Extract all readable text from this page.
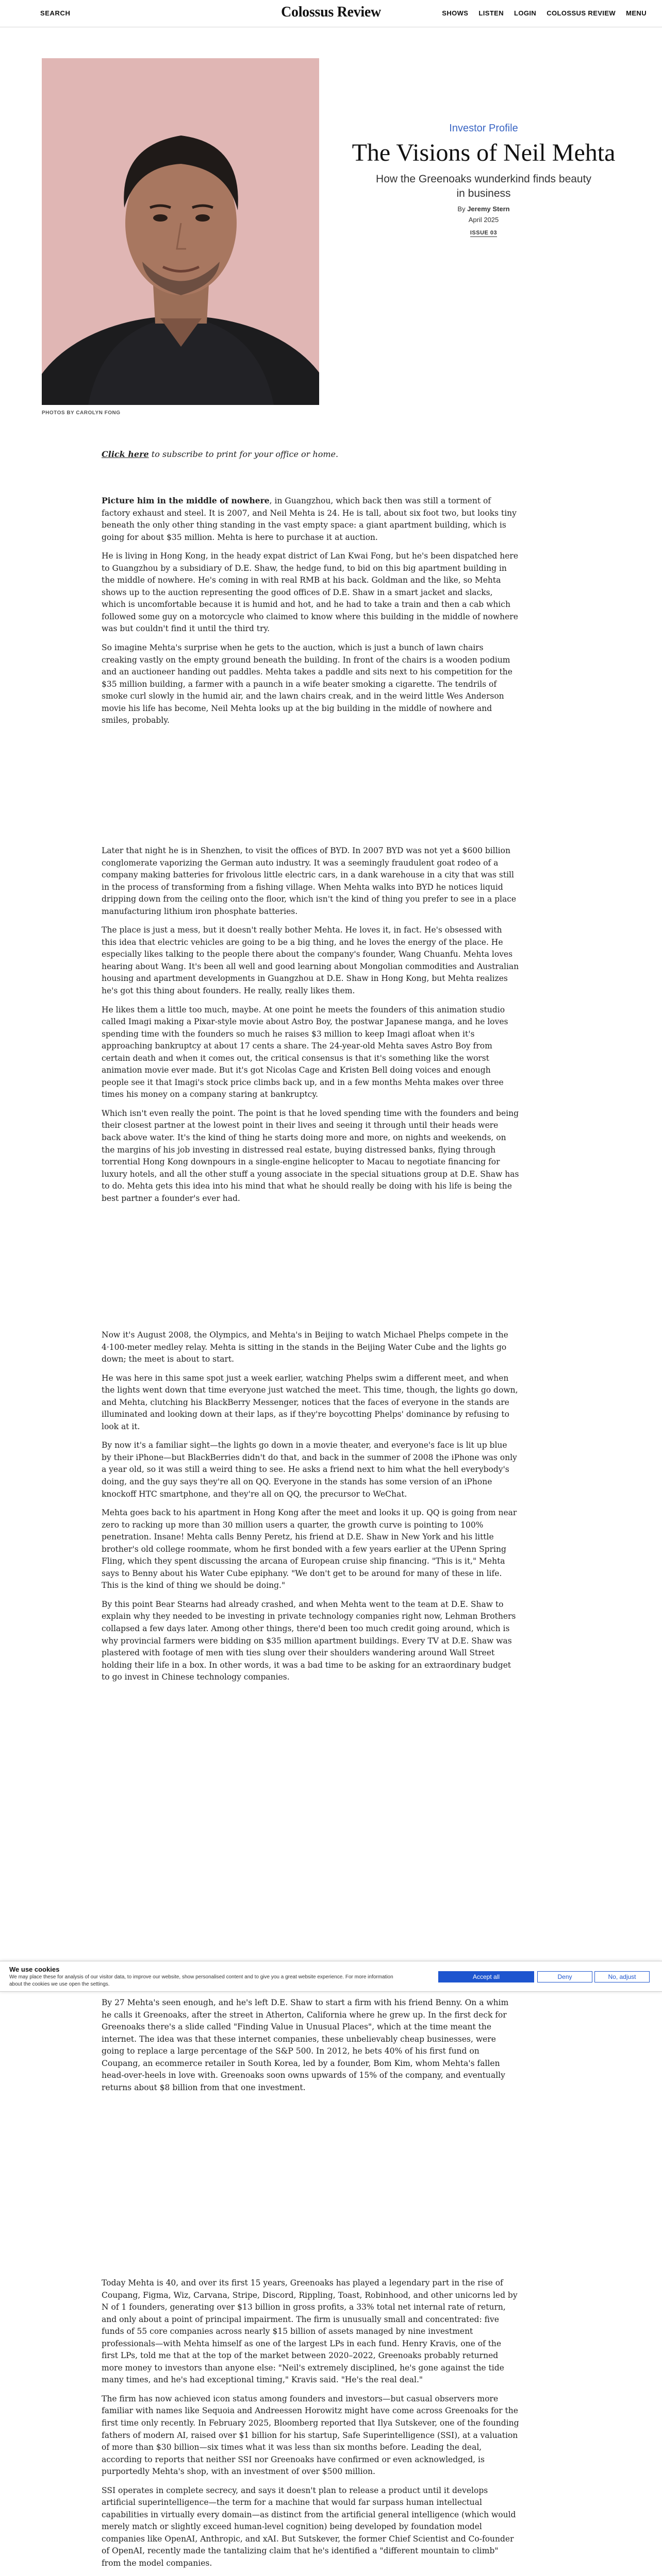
SEARCH	Colossus Review	SHOWS LISTEN LOGIN COLOSSUS REVIEW MENU
PHOTOS BY CAROLYN FONG
Investor Profile
The Visions of Neil Mehta
How the Greenoaks wunderkind finds beauty in business
By Jeremy Stern
April 2025
ISSUE 03
Click here to subscribe to print for your office or home.

Picture him in the middle of nowhere, in Guangzhou, which back then was still a torment of factory exhaust and steel. It is 2007, and Neil Mehta is 24. He is tall, about six foot two, but looks tiny beneath the only other thing standing in the vast empty space: a giant apartment building, which is going for about $35 million. Mehta is here to purchase it at auction.

He is living in Hong Kong, in the heady expat district of Lan Kwai Fong, but he's been dispatched here to Guangzhou by a subsidiary of D.E. Shaw, the hedge fund, to bid on this big apartment building in the middle of nowhere. He's coming in with real RMB at his back. Goldman and the like, so Mehta shows up to the auction representing the good offices of D.E. Shaw in a smart jacket and slacks, which is uncomfortable because it is humid and hot, and he had to take a train and then a cab which followed some guy on a motorcycle who claimed to know where this building in the middle of nowhere was but couldn't find it until the third try.

So imagine Mehta's surprise when he gets to the auction, which is just a bunch of lawn chairs creaking vastly on the empty ground beneath the building. In front of the chairs is a wooden podium and an auctioneer handing out paddles. Mehta takes a paddle and sits next to his competition for the $35 million building, a farmer with a paunch in a wife beater smoking a cigarette. The tendrils of smoke curl slowly in the humid air, and the lawn chairs creak, and in the weird little Wes Anderson movie his life has become, Neil Mehta looks up at the big building in the middle of nowhere and smiles, probably.

Later that night he is in Shenzhen, to visit the offices of BYD. In 2007 BYD was not yet a $600 billion conglomerate vaporizing the German auto industry. It was a seemingly fraudulent goat rodeo of a company making batteries for frivolous little electric cars, in a dank warehouse in a city that was still in the process of transforming from a fishing village. When Mehta walks into BYD he notices liquid dripping down from the ceiling onto the floor, which isn't the kind of thing you prefer to see in a place manufacturing lithium iron phosphate batteries.

The place is just a mess, but it doesn't really bother Mehta. He loves it, in fact. He's obsessed with this idea that electric vehicles are going to be a big thing, and he loves the energy of the place. He especially likes talking to the people there about the company's founder, Wang Chuanfu. Mehta loves hearing about Wang. It's been all well and good learning about Mongolian commodities and Australian housing and apartment developments in Guangzhou at D.E. Shaw in Hong Kong, but Mehta realizes he's got this thing about founders. He really, really likes them.

He likes them a little too much, maybe. At one point he meets the founders of this animation studio called Imagi making a Pixar-style movie about Astro Boy, the postwar Japanese manga, and he loves spending time with the founders so much he raises $3 million to keep Imagi afloat when it's approaching bankruptcy at about 17 cents a share. The 24-year-old Mehta saves Astro Boy from certain death and when it comes out, the critical consensus is that it's something like the worst animation movie ever made. But it's got Nicolas Cage and Kristen Bell doing voices and enough people see it that Imagi's stock price climbs back up, and in a few months Mehta makes over three times his money on a company staring at bankruptcy.

Which isn't even really the point. The point is that he loved spending time with the founders and being their closest partner at the lowest point in their lives and seeing it through until their heads were back above water. It's the kind of thing he starts doing more and more, on nights and weekends, on the margins of his job investing in distressed real estate, buying distressed banks, flying through torrential Hong Kong downpours in a single-engine helicopter to Macau to negotiate financing for luxury hotels, and all the other stuff a young associate in the special situations group at D.E. Shaw has to do. Mehta gets this idea into his mind that what he should really be doing with his life is being the best partner a founder's ever had.

Now it's August 2008, the Olympics, and Mehta's in Beijing to watch Michael Phelps compete in the 4·100-meter medley relay. Mehta is sitting in the stands in the Beijing Water Cube and the lights go down; the meet is about to start.

He was here in this same spot just a week earlier, watching Phelps swim a different meet, and when the lights went down that time everyone just watched the meet. This time, though, the lights go down, and Mehta, clutching his BlackBerry Messenger, notices that the faces of everyone in the stands are illuminated and looking down at their laps, as if they're boycotting Phelps' dominance by refusing to look at it.

By now it's a familiar sight—the lights go down in a movie theater, and everyone's face is lit up blue by their iPhone—but BlackBerries didn't do that, and back in the summer of 2008 the iPhone was only a year old, so it was still a weird thing to see. He asks a friend next to him what the hell everybody's doing, and the guy says they're all on QQ. Everyone in the stands has some version of an iPhone knockoff HTC smartphone, and they're all on QQ, the precursor to WeChat.

Mehta goes back to his apartment in Hong Kong after the meet and looks it up. QQ is going from near zero to racking up more than 30 million users a quarter, the growth curve is pointing to 100% penetration. Insane! Mehta calls Benny Peretz, his friend at D.E. Shaw in New York and his little brother's old college roommate, whom he first bonded with a few years earlier at the UPenn Spring Fling, which they spent discussing the arcana of European cruise ship financing. "This is it," Mehta says to Benny about his Water Cube epiphany. "We don't get to be around for many of these in life. This is the kind of thing we should be doing."

By this point Bear Stearns had already crashed, and when Mehta went to the team at D.E. Shaw to explain why they needed to be investing in private technology companies right now, Lehman Brothers collapsed a few days later. Among other things, there'd been too much credit going around, which is why provincial farmers were bidding on $35 million apartment buildings. Every TV at D.E. Shaw was plastered with footage of men with ties slung over their shoulders wandering around Wall Street holding their life in a box. In other words, it was a bad time to be asking for an extraordinary budget to go invest in Chinese technology companies.

We use cookies
We may place these for analysis of our visitor data, to improve our website, show personalised content and to give you a great website experience. For more information about the cookies we use open the settings.
Accept all	Deny	No, adjust

By 27 Mehta's seen enough, and he's left D.E. Shaw to start a firm with his friend Benny. On a whim he calls it Greenoaks, after the street in Atherton, California where he grew up. In the first deck for Greenoaks there's a slide called "Finding Value in Unusual Places", which at the time meant the internet. The idea was that these internet companies, these unbelievably cheap businesses, were going to replace a large percentage of the S&P 500. In 2012, he bets 40% of his first fund on Coupang, an ecommerce retailer in South Korea, led by a founder, Bom Kim, whom Mehta's fallen head-over-heels in love with. Greenoaks soon owns upwards of 15% of the company, and eventually returns about $8 billion from that one investment.

Today Mehta is 40, and over its first 15 years, Greenoaks has played a legendary part in the rise of Coupang, Figma, Wiz, Carvana, Stripe, Discord, Rippling, Toast, Robinhood, and other unicorns led by N of 1 founders, generating over $13 billion in gross profits, a 33% total net internal rate of return, and only about a point of principal impairment. The firm is unusually small and concentrated: five funds of 55 core companies across nearly $15 billion of assets managed by nine investment professionals—with Mehta himself as one of the largest LPs in each fund. Henry Kravis, one of the first LPs, told me that at the top of the market between 2020–2022, Greenoaks probably returned more money to investors than anyone else: "Neil's extremely disciplined, he's gone against the tide many times, and he's had exceptional timing," Kravis said. "He's the real deal."

The firm has now achieved icon status among founders and investors—but casual observers more familiar with names like Sequoia and Andreessen Horowitz might have come across Greenoaks for the first time only recently. In February 2025, Bloomberg reported that Ilya Sutskever, one of the founding fathers of modern AI, raised over $1 billion for his startup, Safe Superintelligence (SSI), at a valuation of more than $30 billion—six times what it was less than six months before. Leading the deal, according to reports that neither SSI nor Greenoaks have confirmed or even acknowledged, is purportedly Mehta's shop, with an investment of over $500 million.

SSI operates in complete secrecy, and says it doesn't plan to release a product until it develops artificial superintelligence—the term for a machine that would far surpass human intellectual capabilities in virtually every domain—as distinct from the artificial general intelligence (which would merely match or slightly exceed human-level cognition) being developed by foundation model companies like OpenAI, Anthropic, and xAI. But Sutskever, the former Chief Scientist and Co-founder of OpenAI, recently made the tantalizing claim that he's identified a "different mountain to climb" from the model companies.
